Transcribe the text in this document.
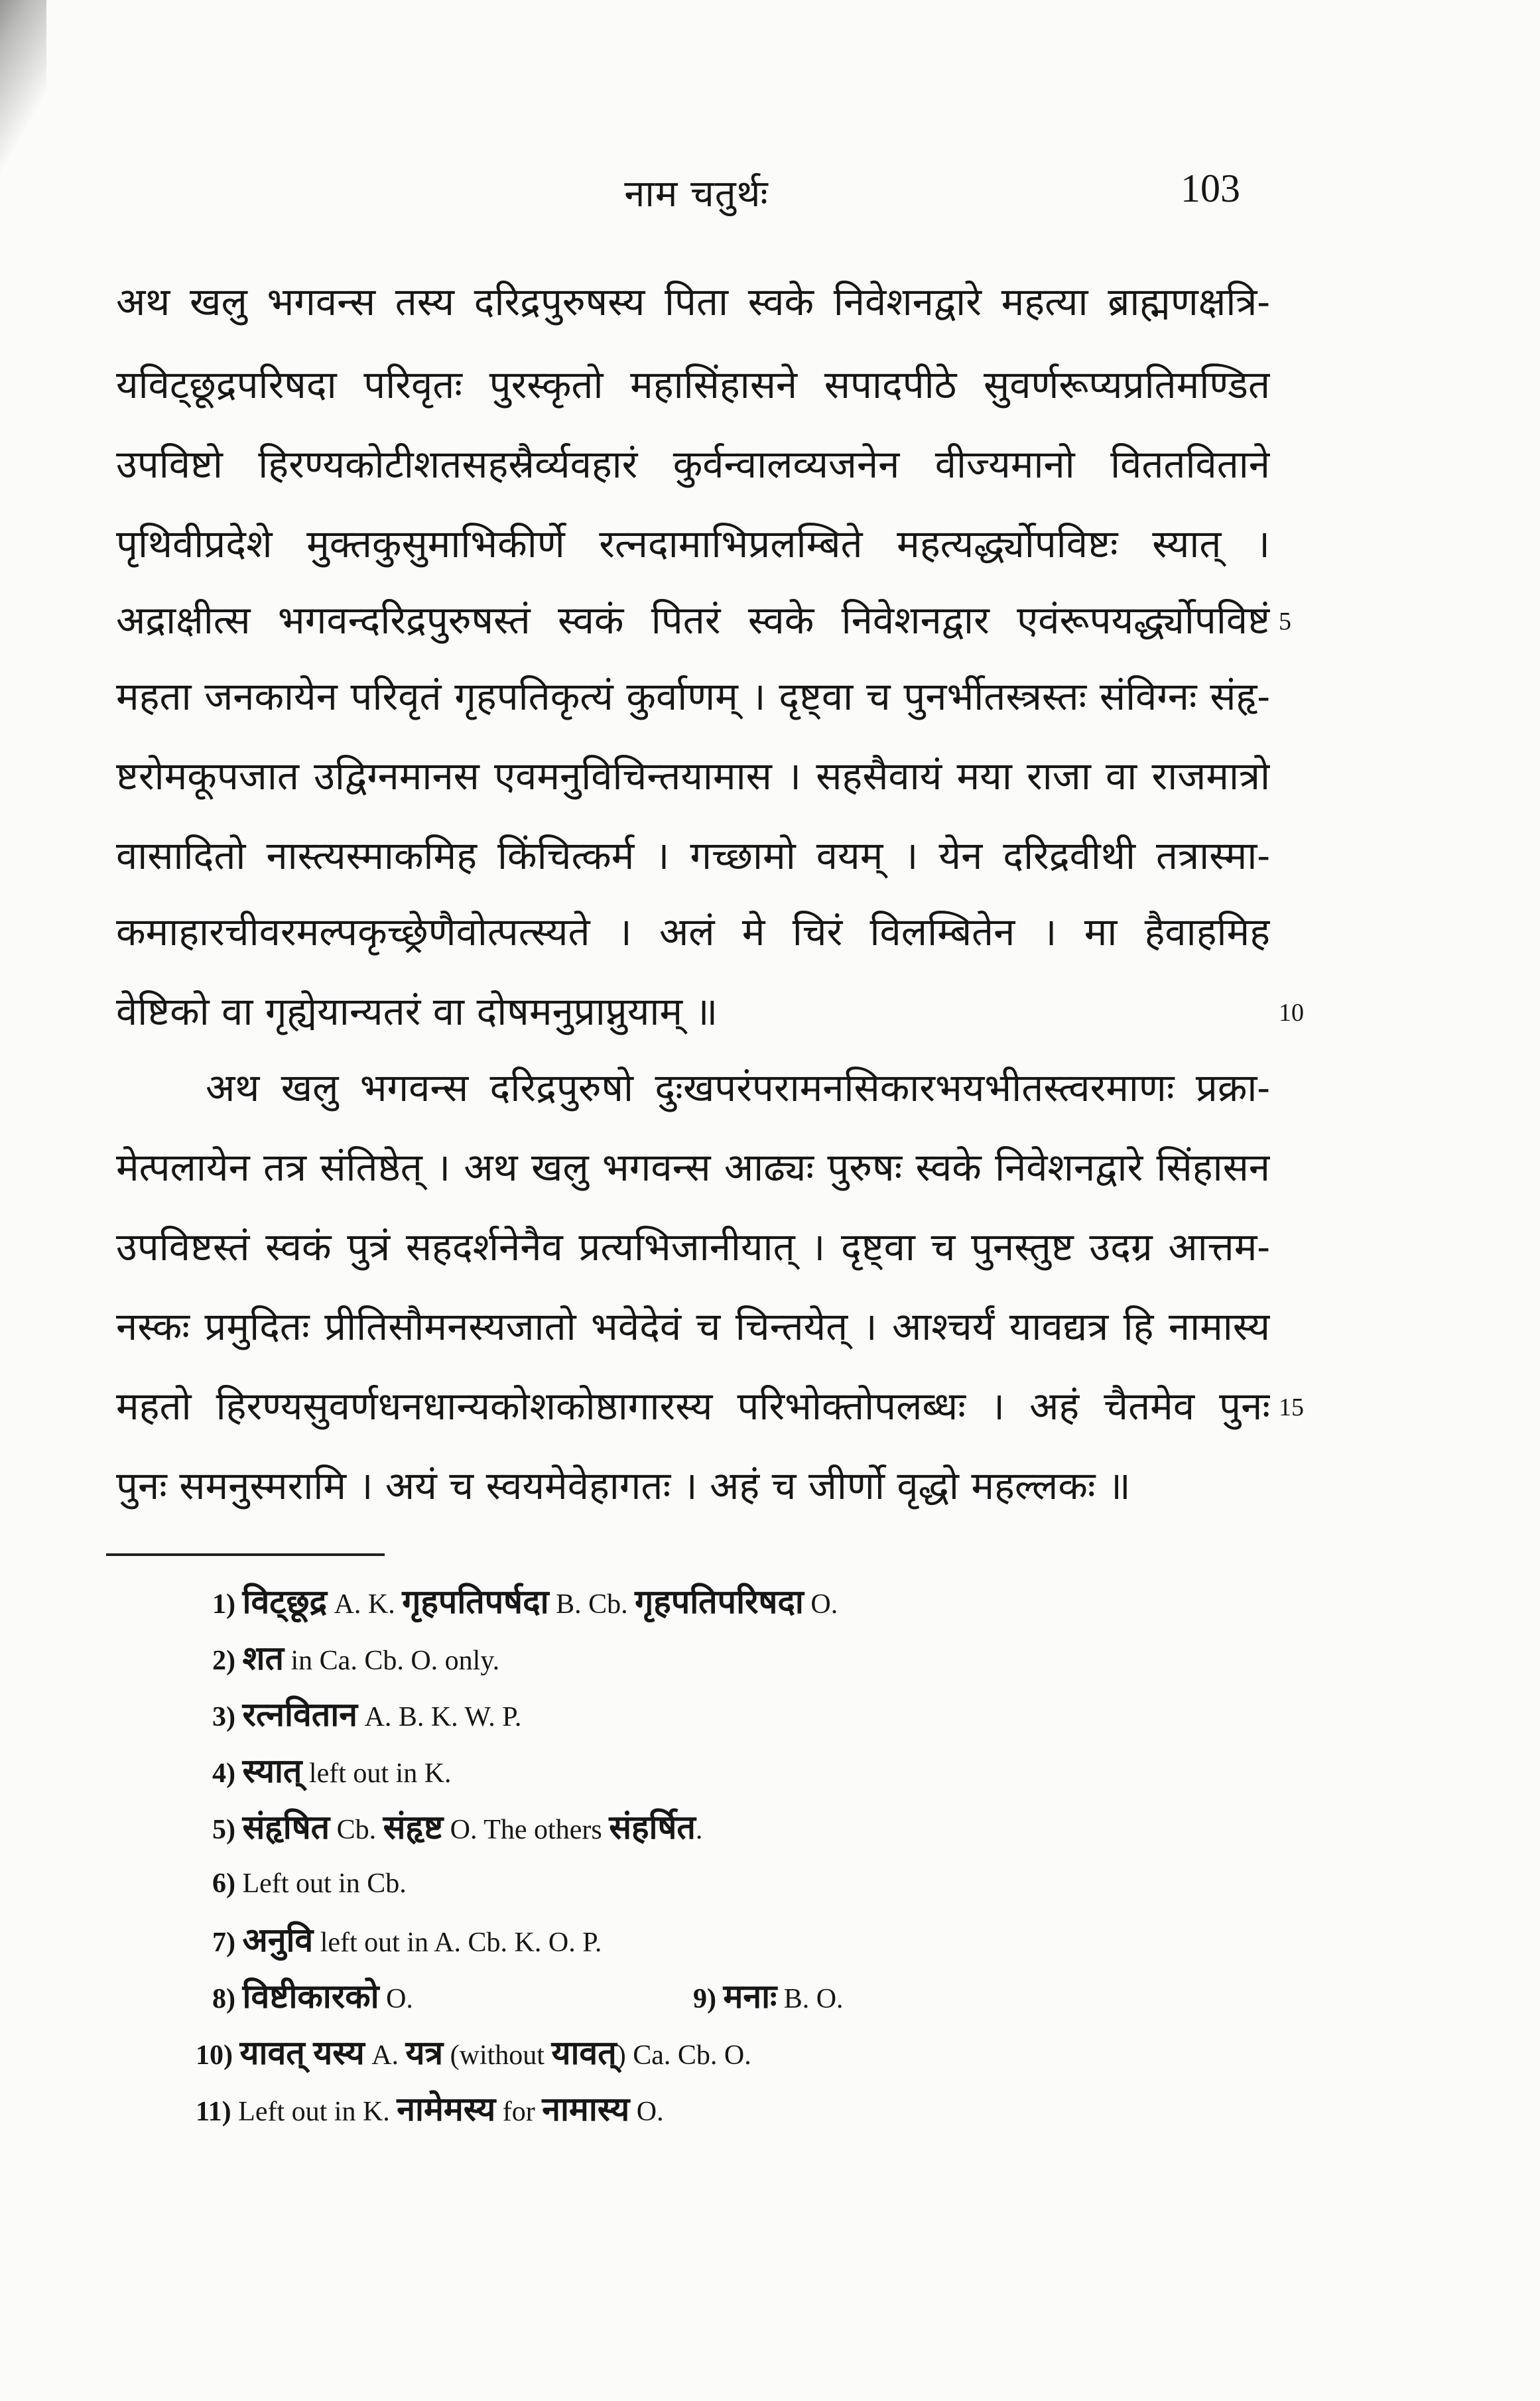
नाम चतुर्थः	103
अथ खलु भगवन्स तस्य दरिद्रपुरुषस्य पिता स्वके निवेशनद्वारे महत्या ब्राह्मणक्षत्रि-
यविट्छूद्रपरिषदा परिवृतः पुरस्कृतो महासिंहासने सपादपीठे सुवर्णरूप्यप्रतिमण्डित
उपविष्टो हिरण्यकोटीशतसहस्रैर्व्यवहारं कुर्वन्वालव्यजनेन वीज्यमानो विततविताने
पृथिवीप्रदेशे मुक्तकुसुमाभिकीर्णे रत्नदामाभिप्रलम्बिते महत्यर्द्ध्योपविष्टः स्यात् ।
अद्राक्षीत्स भगवन्दरिद्रपुरुषस्तं स्वकं पितरं स्वके निवेशनद्वार एवंरूपयर्द्ध्योपविष्टं
महता जनकायेन परिवृतं गृहपतिकृत्यं कुर्वाणम् । दृष्ट्वा च पुनर्भीतस्त्रस्तः संविग्नः संहृ-
ष्टरोमकूपजात उद्विग्नमानस एवमनुविचिन्तयामास । सहसैवायं मया राजा वा राजमात्रो
वासादितो नास्त्यस्माकमिह किंचित्कर्म । गच्छामो वयम् । येन दरिद्रवीथी तत्रास्मा-
कमाहारचीवरमल्पकृच्छ्रेणैवोत्पत्स्यते । अलं मे चिरं विलम्बितेन । मा हैवाहमिह
वेष्टिको वा गृह्येयान्यतरं वा दोषमनुप्राप्नुयाम् ॥
अथ खलु भगवन्स दरिद्रपुरुषो दुःखपरंपरामनसिकारभयभीतस्त्वरमाणः प्रक्रा-
मेत्पलायेन तत्र संतिष्ठेत् । अथ खलु भगवन्स आढ्यः पुरुषः स्वके निवेशनद्वारे सिंहासन
उपविष्टस्तं स्वकं पुत्रं सहदर्शनेनैव प्रत्यभिजानीयात् । दृष्ट्वा च पुनस्तुष्ट उदग्र आत्तम-
नस्कः प्रमुदितः प्रीतिसौमनस्यजातो भवेदेवं च चिन्तयेत् । आश्चर्यं यावद्यत्र हि नामास्य
महतो हिरण्यसुवर्णधनधान्यकोशकोष्ठागारस्य परिभोक्तोपलब्धः । अहं चैतमेव पुनः
पुनः समनुस्मरामि । अयं च स्वयमेवेहागतः । अहं च जीर्णो वृद्धो महल्लकः ॥
5
10
15
1) विट्छूद्र A. K. गृहपतिपर्षदा B. Cb. गृहपतिपरिषदा O.
2) शत in Ca. Cb. O. only.
3) रत्नवितान A. B. K. W. P.
4) स्यात् left out in K.
5) संहृषित Cb. संहृष्ट O. The others संहर्षित.
6) Left out in Cb.
7) अनुवि left out in A. Cb. K. O. P.
8) विष्टीकारको O.	9) मनाः B. O.
10) यावत् यस्य A. यत्र (without यावत्) Ca. Cb. O.
11) Left out in K. नामेमस्य for नामास्य O.
